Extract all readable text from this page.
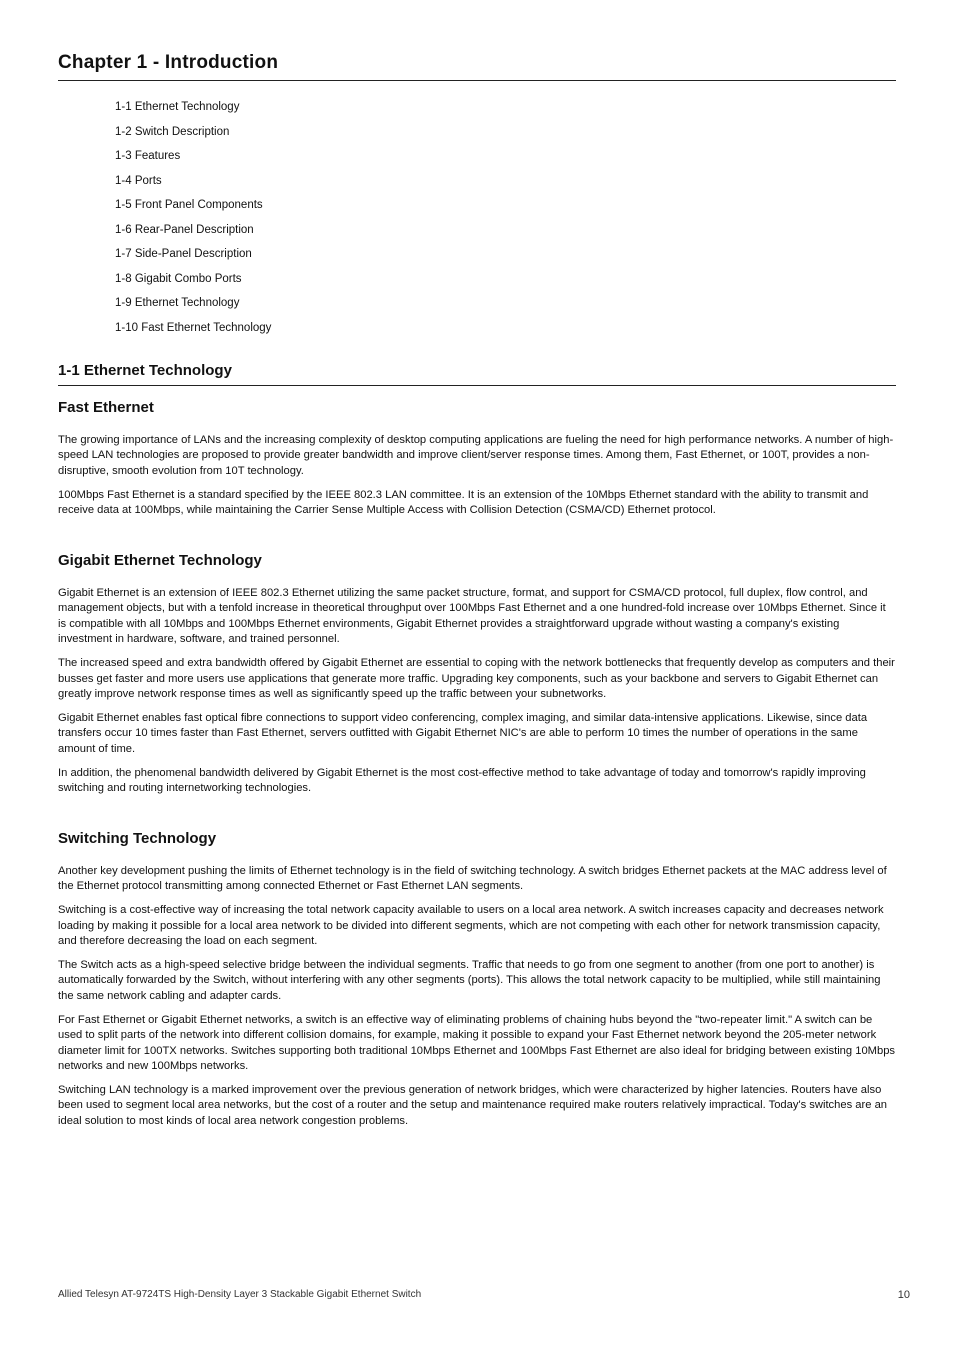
Chapter 1 - Introduction
1-1 Ethernet Technology
1-2 Switch Description
1-3 Features
1-4 Ports
1-5 Front Panel Components
1-6 Rear-Panel Description
1-7 Side-Panel Description
1-8 Gigabit Combo Ports
1-9 Ethernet Technology
1-10 Fast Ethernet Technology
1-1 Ethernet Technology
Fast Ethernet

The growing importance of LANs and the increasing complexity of desktop computing applications are fueling the need for high performance networks. A number of high-speed LAN technologies are proposed to provide greater bandwidth and improve client/server response times. Among them, Fast Ethernet, or 100T, provides a non-disruptive, smooth evolution from 10T technology.

100Mbps Fast Ethernet is a standard specified by the IEEE 802.3 LAN committee. It is an extension of the 10Mbps Ethernet standard with the ability to transmit and receive data at 100Mbps, while maintaining the Carrier Sense Multiple Access with Collision Detection (CSMA/CD) Ethernet protocol.

Gigabit Ethernet Technology

Gigabit Ethernet is an extension of IEEE 802.3 Ethernet utilizing the same packet structure, format, and support for CSMA/CD protocol, full duplex, flow control, and management objects, but with a tenfold increase in theoretical throughput over 100Mbps Fast Ethernet and a one hundred-fold increase over 10Mbps Ethernet. Since it is compatible with all 10Mbps and 100Mbps Ethernet environments, Gigabit Ethernet provides a straightforward upgrade without wasting a company's existing investment in hardware, software, and trained personnel.

The increased speed and extra bandwidth offered by Gigabit Ethernet are essential to coping with the network bottlenecks that frequently develop as computers and their busses get faster and more users use applications that generate more traffic. Upgrading key components, such as your backbone and servers to Gigabit Ethernet can greatly improve network response times as well as significantly speed up the traffic between your subnetworks.

Gigabit Ethernet enables fast optical fibre connections to support video conferencing, complex imaging, and similar data-intensive applications. Likewise, since data transfers occur 10 times faster than Fast Ethernet, servers outfitted with Gigabit Ethernet NIC's are able to perform 10 times the number of operations in the same amount of time.

In addition, the phenomenal bandwidth delivered by Gigabit Ethernet is the most cost-effective method to take advantage of today and tomorrow's rapidly improving switching and routing internetworking technologies.

Switching Technology

Another key development pushing the limits of Ethernet technology is in the field of switching technology. A switch bridges Ethernet packets at the MAC address level of the Ethernet protocol transmitting among connected Ethernet or Fast Ethernet LAN segments.

Switching is a cost-effective way of increasing the total network capacity available to users on a local area network. A switch increases capacity and decreases network loading by making it possible for a local area network to be divided into different segments, which are not competing with each other for network transmission capacity, and therefore decreasing the load on each segment.

The Switch acts as a high-speed selective bridge between the individual segments. Traffic that needs to go from one segment to another (from one port to another) is automatically forwarded by the Switch, without interfering with any other segments (ports). This allows the total network capacity to be multiplied, while still maintaining the same network cabling and adapter cards.

For Fast Ethernet or Gigabit Ethernet networks, a switch is an effective way of eliminating problems of chaining hubs beyond the "two-repeater limit." A switch can be used to split parts of the network into different collision domains, for example, making it possible to expand your Fast Ethernet network beyond the 205-meter network diameter limit for 100TX networks. Switches supporting both traditional 10Mbps Ethernet and 100Mbps Fast Ethernet are also ideal for bridging between existing 10Mbps networks and new 100Mbps networks.

Switching LAN technology is a marked improvement over the previous generation of network bridges, which were characterized by higher latencies. Routers have also been used to segment local area networks, but the cost of a router and the setup and maintenance required make routers relatively impractical. Today's switches are an ideal solution to most kinds of local area network congestion problems.

Allied Telesyn AT-9724TS High-Density Layer 3 Stackable Gigabit Ethernet Switch	10
